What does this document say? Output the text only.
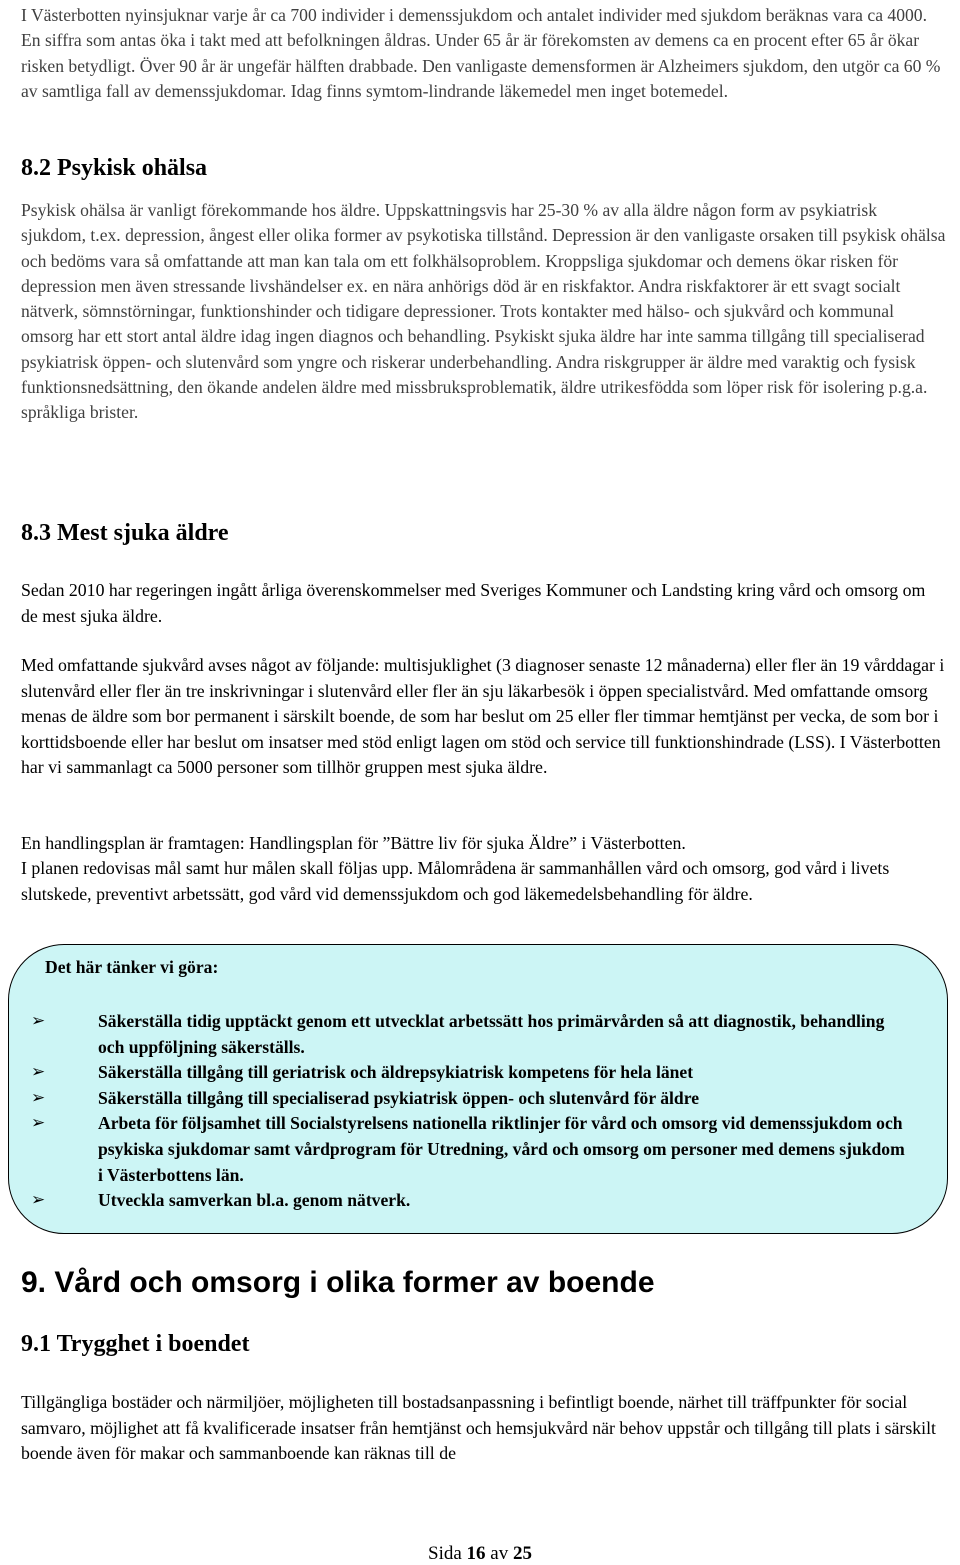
I Västerbotten nyinsjuknar varje år ca 700 individer i demenssjukdom och antalet individer med sjukdom beräknas vara ca 4000. En siffra som antas öka i takt med att befolkningen åldras. Under 65 år är förekomsten av demens ca en procent efter 65 år ökar risken betydligt. Över 90 år är ungefär hälften drabbade. Den vanligaste demensformen är Alzheimers sjukdom, den utgör ca 60 % av samtliga fall av demenssjukdomar. Idag finns symtom-lindrande läkemedel men inget botemedel.

8.2 Psykisk ohälsa

Psykisk ohälsa är vanligt förekommande hos äldre. Uppskattningsvis har 25-30 % av alla äldre någon form av psykiatrisk sjukdom, t.ex. depression, ångest eller olika former av psykotiska tillstånd. Depression är den vanligaste orsaken till psykisk ohälsa och bedöms vara så omfattande att man kan tala om ett folkhälsoproblem. Kroppsliga sjukdomar och demens ökar risken för depression men även stressande livshändelser ex. en nära anhörigs död är en riskfaktor. Andra riskfaktorer är ett svagt socialt nätverk, sömnstörningar, funktionshinder och tidigare depressioner. Trots kontakter med hälso- och sjukvård och kommunal omsorg har ett stort antal äldre idag ingen diagnos och behandling. Psykiskt sjuka äldre har inte samma tillgång till specialiserad psykiatrisk öppen- och slutenvård som yngre och riskerar underbehandling. Andra riskgrupper är äldre med varaktig och fysisk funktionsnedsättning, den ökande andelen äldre med missbruksproblematik, äldre utrikesfödda som löper risk för isolering p.g.a. språkliga brister.

8.3 Mest sjuka äldre

Sedan 2010 har regeringen ingått årliga överenskommelser med Sveriges Kommuner och Landsting kring vård och omsorg om de mest sjuka äldre.

Med omfattande sjukvård avses något av följande: multisjuklighet (3 diagnoser senaste 12 månaderna) eller fler än 19 vårddagar i slutenvård eller fler än tre inskrivningar i slutenvård eller fler än sju läkarbesök i öppen specialistvård. Med omfattande omsorg menas de äldre som bor permanent i särskilt boende, de som har beslut om 25 eller fler timmar hemtjänst per vecka, de som bor i korttidsboende eller har beslut om insatser med stöd enligt lagen om stöd och service till funktionshindrade (LSS). I Västerbotten har vi sammanlagt ca 5000 personer som tillhör gruppen mest sjuka äldre.

En handlingsplan är framtagen: Handlingsplan för ”Bättre liv för sjuka Äldre” i Västerbotten.

I planen redovisas mål samt hur målen skall följas upp. Målområdena är sammanhållen vård och omsorg, god vård i livets slutskede, preventivt arbetssätt, god vård vid demenssjukdom och god läkemedelsbehandling för äldre.

Det här tänker vi göra:
➢	Säkerställa tidig upptäckt genom ett utvecklat arbetssätt hos primärvården så att diagnostik, behandling och uppföljning säkerställs.
➢	Säkerställa tillgång till geriatrisk och äldrepsykiatrisk kompetens för hela länet
➢	Säkerställa tillgång till specialiserad psykiatrisk öppen- och slutenvård för äldre
➢	Arbeta för följsamhet till Socialstyrelsens nationella riktlinjer för vård och omsorg vid demenssjukdom och psykiska sjukdomar samt vårdprogram för Utredning, vård och omsorg om personer med demens sjukdom i Västerbottens län.
➢	Utveckla samverkan bl.a. genom nätverk.
9. Vård och omsorg i olika former av boende
9.1 Trygghet i boendet

Tillgängliga bostäder och närmiljöer, möjligheten till bostadsanpassning i befintligt boende, närhet till träffpunkter för social samvaro, möjlighet att få kvalificerade insatser från hemtjänst och hemsjukvård när behov uppstår och tillgång till plats i särskilt boende även för makar och sammanboende kan räknas till de

Sida 16 av 25
